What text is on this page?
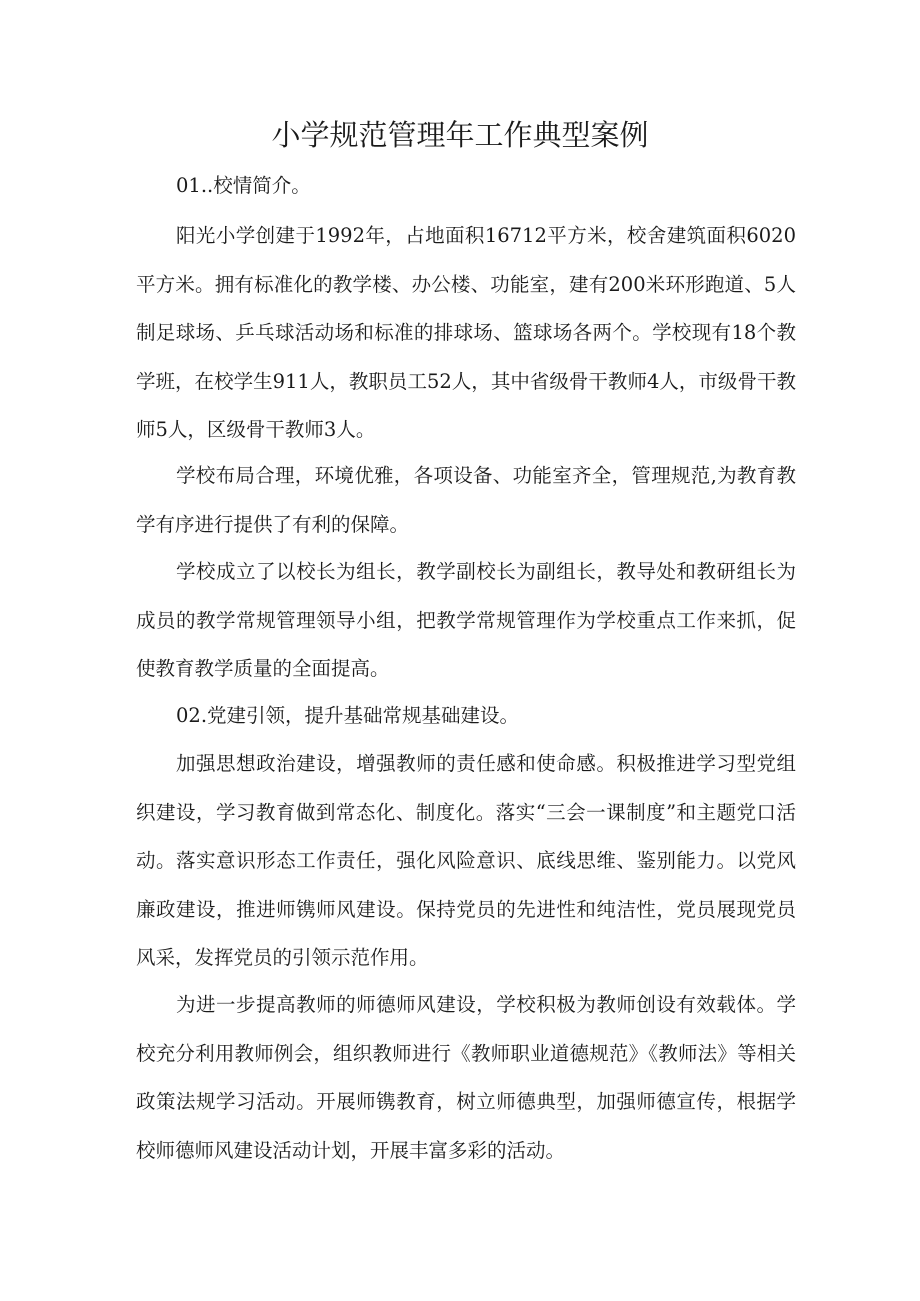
小学规范管理年工作典型案例

01..校情简介。

阳光小学创建于1992年，占地面积16712平方米，校舍建筑面积6020平方米。拥有标准化的教学楼、办公楼、功能室，建有200米环形跑道、5人制足球场、乒乓球活动场和标准的排球场、篮球场各两个。学校现有18个教学班，在校学生911人，教职员工52人，其中省级骨干教师4人，市级骨干教师5人，区级骨干教师3人。

学校布局合理，环境优雅，各项设备、功能室齐全，管理规范,为教育教学有序进行提供了有利的保障。

学校成立了以校长为组长，教学副校长为副组长，教导处和教研组长为成员的教学常规管理领导小组，把教学常规管理作为学校重点工作来抓，促使教育教学质量的全面提高。

02.党建引领，提升基础常规基础建设。

加强思想政治建设，增强教师的责任感和使命感。积极推进学习型党组织建设，学习教育做到常态化、制度化。落实“三会一课制度”和主题党口活动。落实意识形态工作责任，强化风险意识、底线思维、鉴别能力。以党风廉政建设，推进师镌师风建设。保持党员的先进性和纯洁性，党员展现党员风采，发挥党员的引领示范作用。

为进一步提高教师的师德师风建设，学校积极为教师创设有效载体。学校充分利用教师例会，组织教师进行《教师职业道德规范》《教师法》等相关政策法规学习活动。开展师镌教育，树立师德典型，加强师德宣传，根据学校师德师风建设活动计划，开展丰富多彩的活动。
